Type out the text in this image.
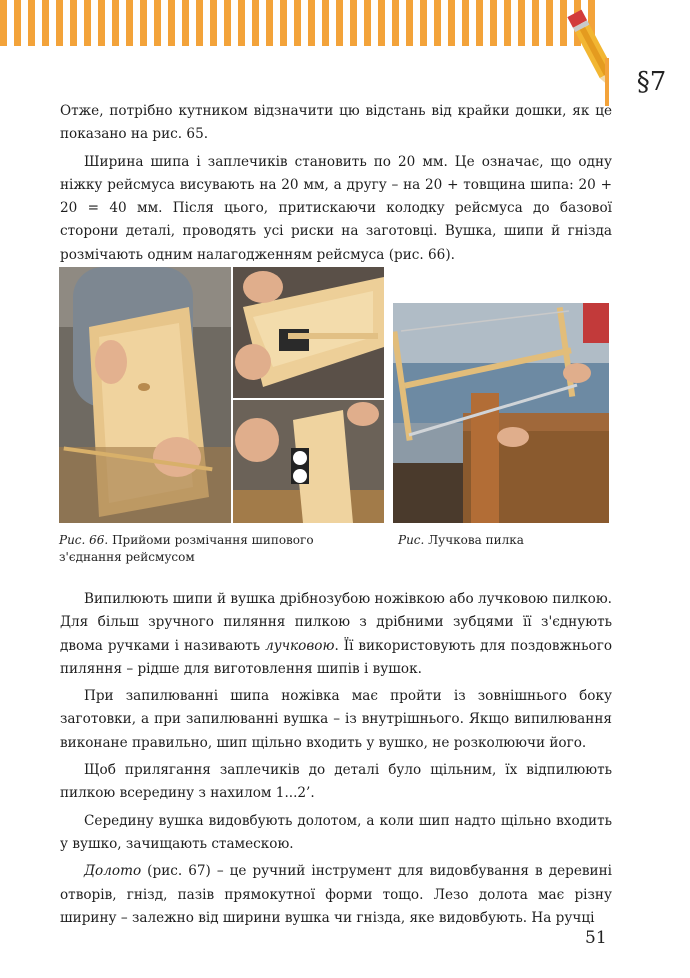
§7

Отже, потрібно кутником відзначити цю відстань від крайки дошки, як це показано на рис. 65.

Ширина шипа і заплечиків становить по 20 мм. Це означає, що одну ніжку рейсмуса висувають на 20 мм, а другу – на 20 + товщина шипа: 20 + 20 = 40 мм. Після цього, притискаючи колодку рейсмуса до базової сторони деталі, проводять усі риски на заготовці. Вушка, шипи й гнізда розмічають одним налагодженням рейсмуса (рис. 66).

Рис. 66. Прийоми розмічання шипового з'єднання рейсмусом
Рис. Лучкова пилка

Випилюють шипи й вушка дрібнозубою ножівкою або лучковою пилкою. Для більш зручного пиляння пилкою з дрібними зубцями її з'єднують двома ручками і називають лучковою. Її використовують для поздовжнього пиляння – рідше для виготовлення шипів і вушок.

При запилюванні шипа ножівка має пройти із зовнішнього боку заготовки, а при запилюванні вушка – із внутрішнього. Якщо випилювання виконане правильно, шип щільно входить у вушко, не розколюючи його.

Щоб прилягання заплечиків до деталі було щільним, їх відпилюють пилкою всередину з нахилом 1...2’.

Середину вушка видовбують долотом, а коли шип надто щільно входить у вушко, зачищають стамескою.

Долото (рис. 67) – це ручний інструмент для видовбування в деревині отворів, гнізд, пазів прямокутної форми тощо. Лезо долота має різну ширину – залежно від ширини вушка чи гнізда, яке видовбують. На ручці

51
